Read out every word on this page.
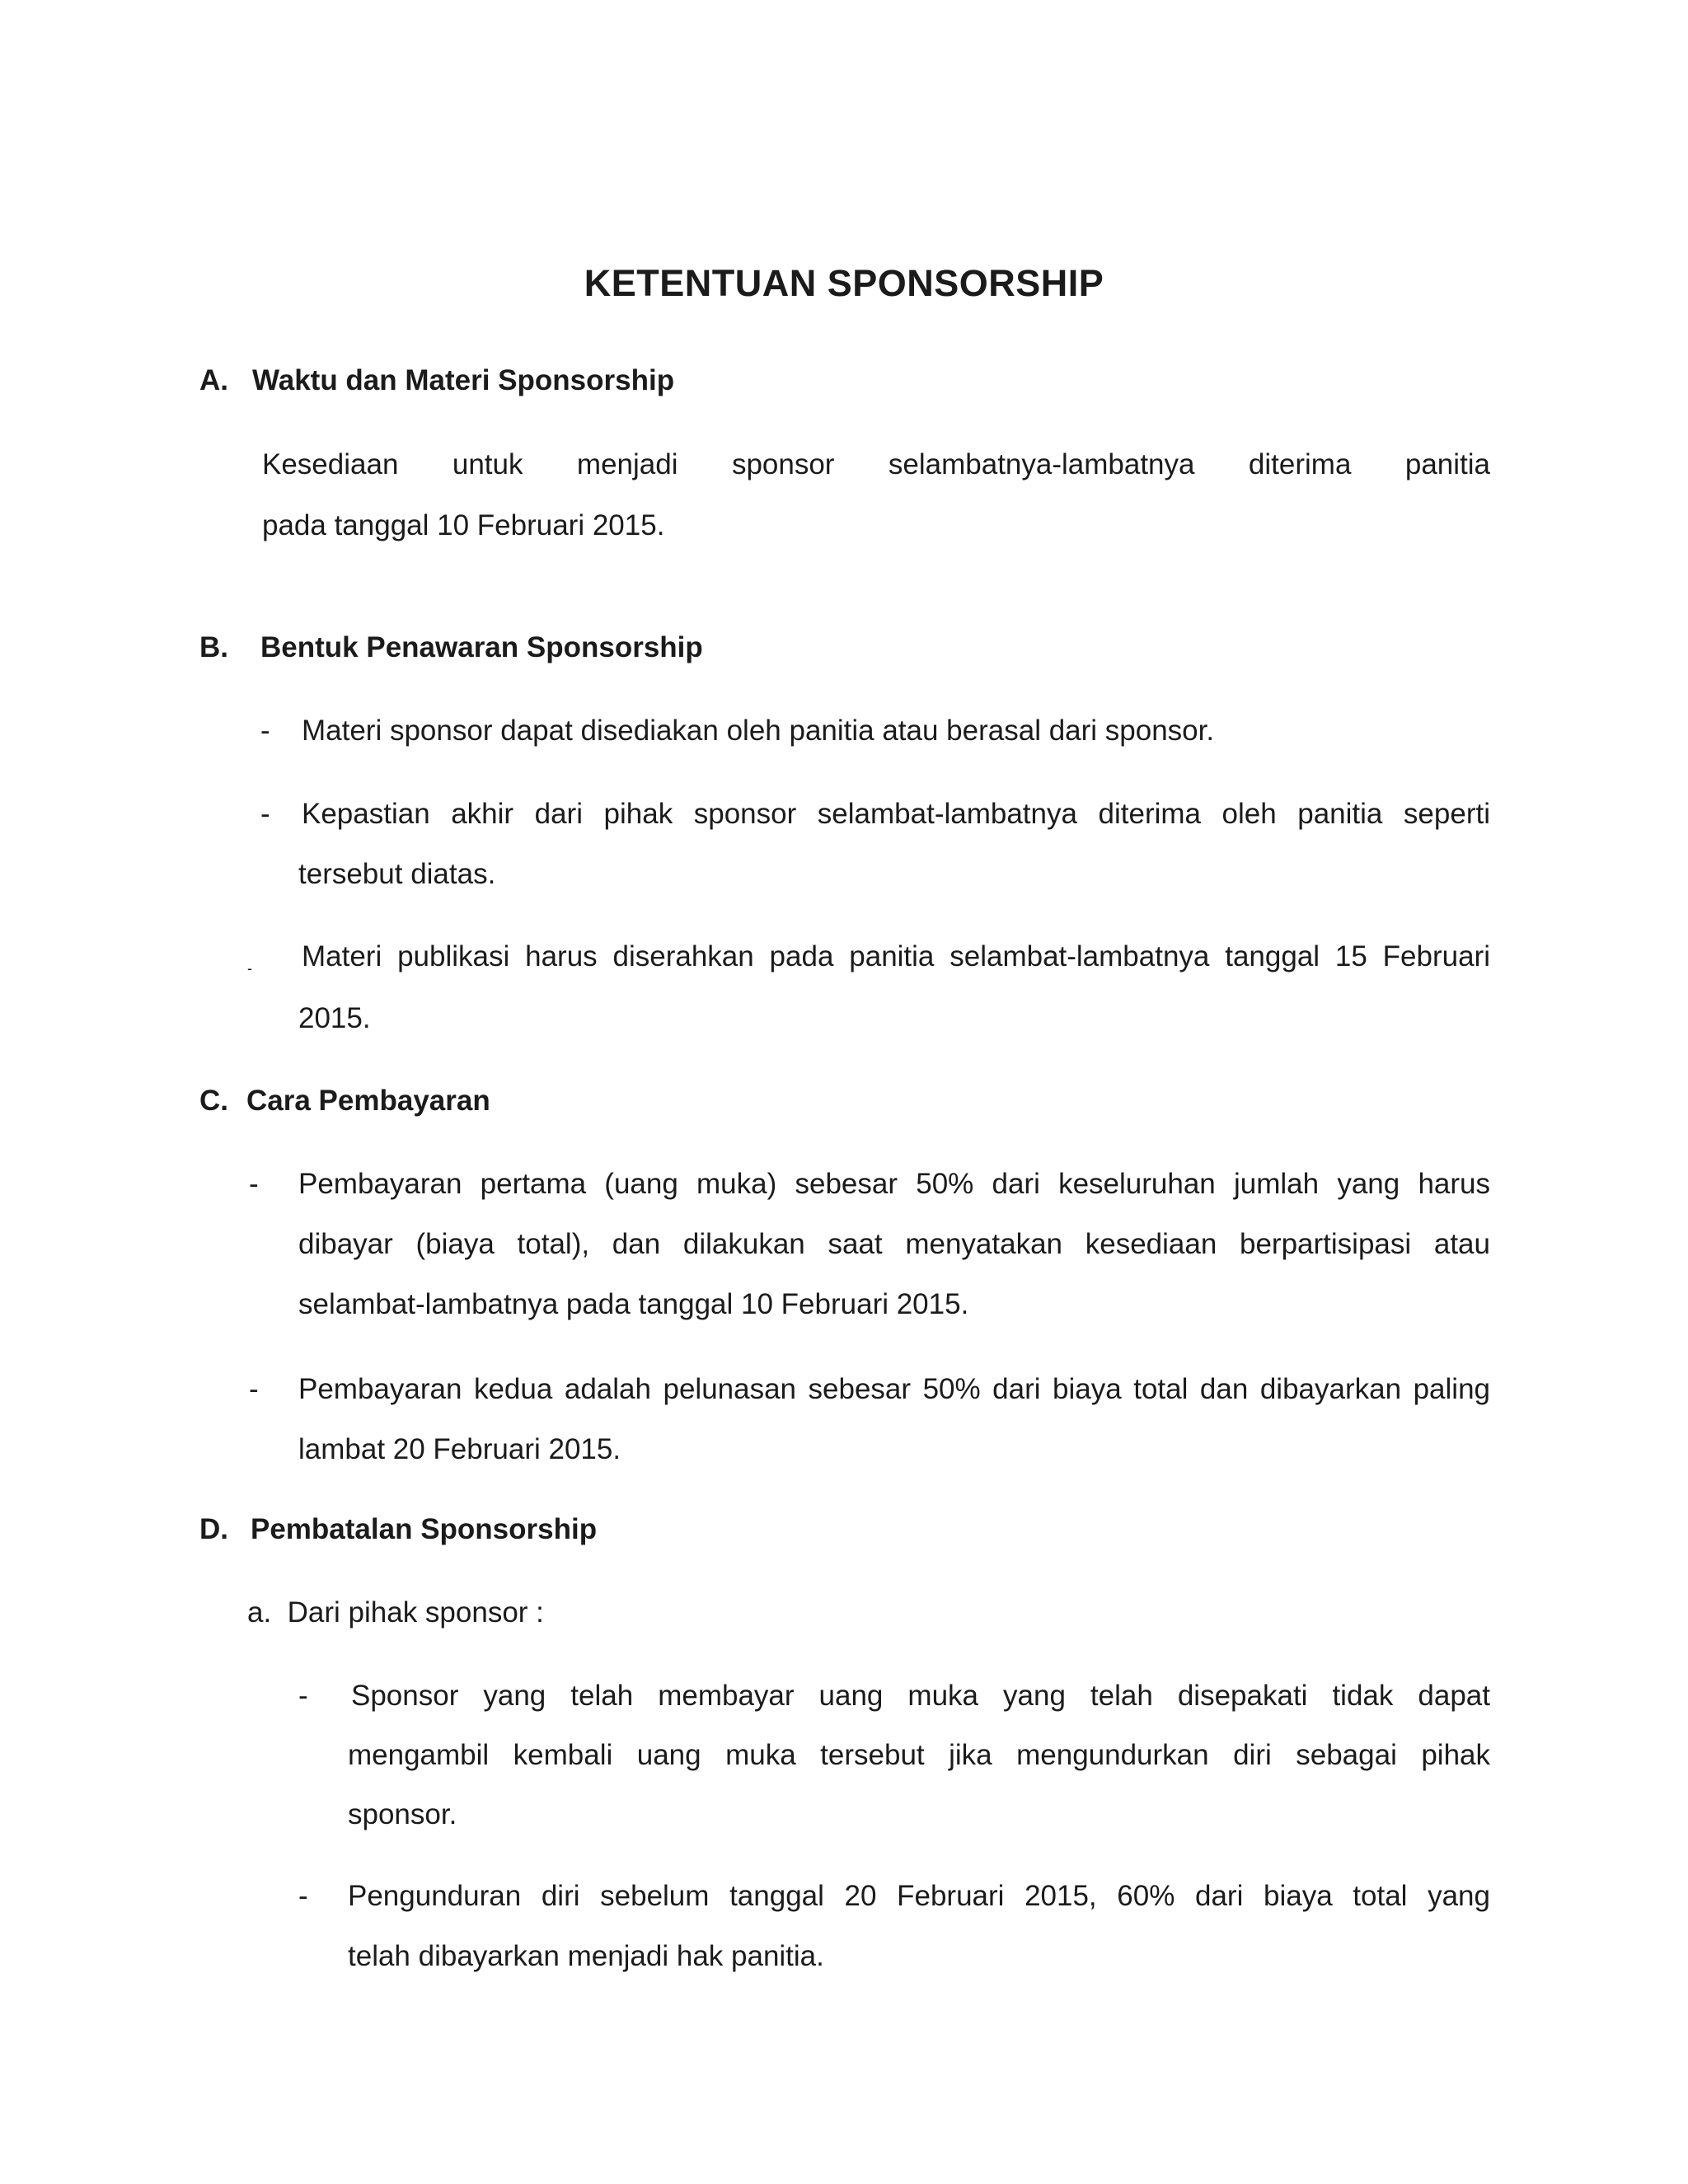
KETENTUAN SPONSORSHIP
A. Waktu dan Materi Sponsorship
Kesediaan untuk menjadi sponsor selambatnya-lambatnya diterima panitia
pada tanggal 10 Februari 2015.
B. Bentuk Penawaran Sponsorship
- Materi sponsor dapat disediakan oleh panitia atau berasal dari sponsor.
- Kepastian akhir dari pihak sponsor selambat-lambatnya diterima oleh panitia seperti
tersebut diatas.
- Materi publikasi harus diserahkan pada panitia selambat-lambatnya tanggal 15 Februari
2015.
C. Cara Pembayaran
- Pembayaran pertama (uang muka) sebesar 50% dari keseluruhan jumlah yang harus
dibayar (biaya total), dan dilakukan saat menyatakan kesediaan berpartisipasi atau
selambat-lambatnya pada tanggal 10 Februari 2015.
- Pembayaran kedua adalah pelunasan sebesar 50% dari biaya total dan dibayarkan paling
lambat 20 Februari 2015.
D. Pembatalan Sponsorship
a.  Dari pihak sponsor :
- Sponsor yang telah membayar uang muka yang telah disepakati tidak dapat
mengambil kembali uang muka tersebut jika mengundurkan diri sebagai pihak
sponsor.
- Pengunduran diri sebelum tanggal 20 Februari 2015, 60% dari biaya total yang
telah dibayarkan menjadi hak panitia.
